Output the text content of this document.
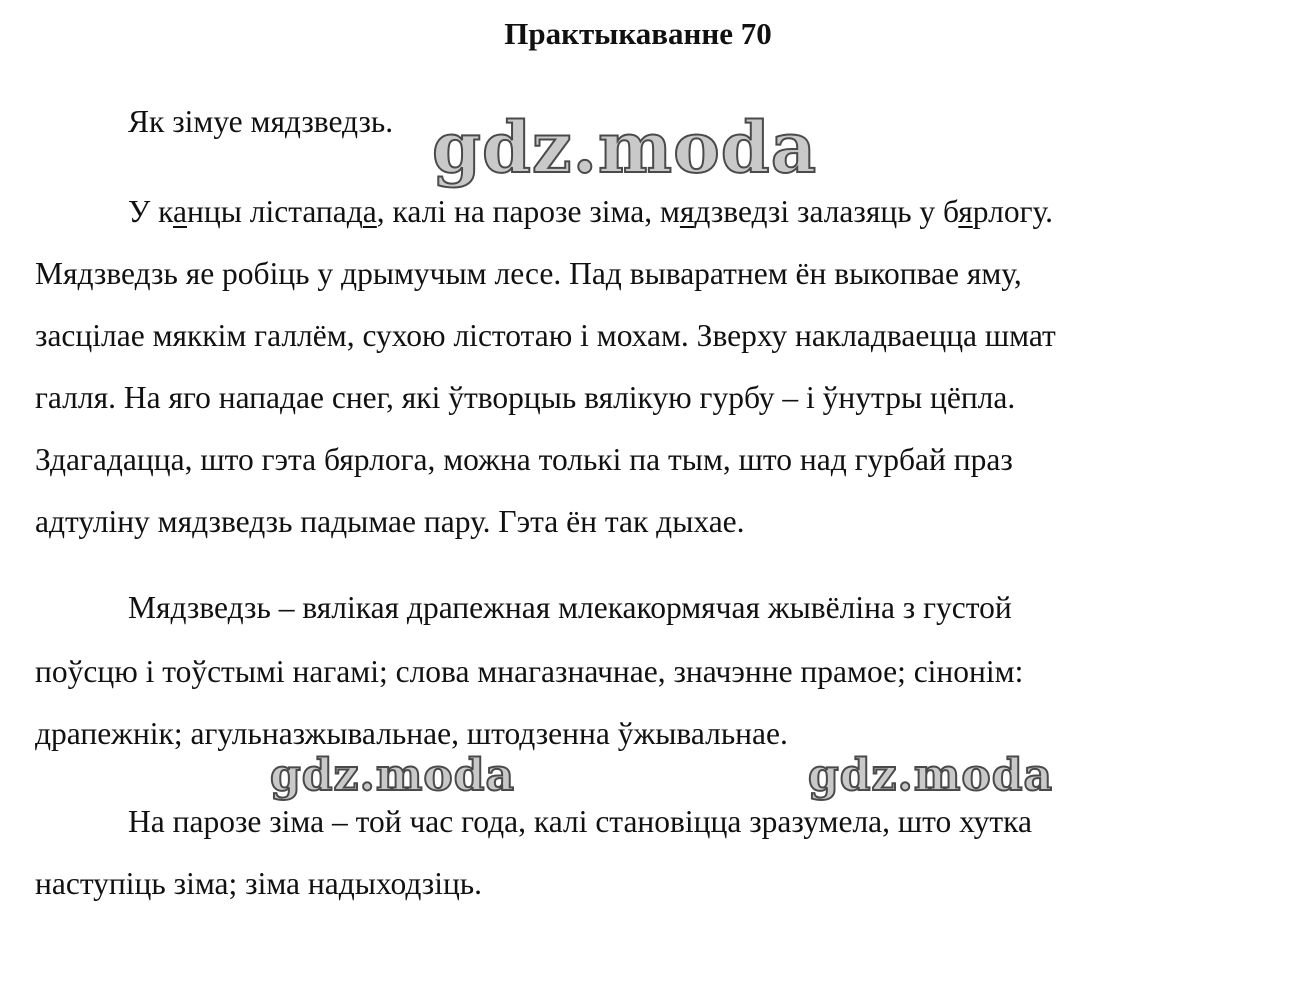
Практыкаванне 70
Як зімуе мядзведзь. gdz.moda
У канцы лістапада, калі на парозе зіма, мядзведзі залазяць у бярлогу.
Мядзведзь яе робіць у дрымучым лесе. Пад вываратнем ён выкопвае яму,
засцілае мяккім галлём, сухою лістотаю і мохам. Зверху накладваецца шмат
галля. На яго нападае снег, які ўтворцыь вялікую гурбу – і ўнутры цёпла.
Здагадацца, што гэта бярлога, можна толькі па тым, што над гурбай праз
адтуліну мядзведзь падымае пару. Гэта ён так дыхае.
Мядзведзь – вялікая драпежная млекакормячая жывёліна з густой
поўсцю і тоўстымі нагамі; слова мнагазначнае, значэнне прамое; сінонім:
драпежнік; агульназжывальнае, штодзенна ўжывальнае.
gdz.moda	gdz.moda
На парозе зіма – той час года, калі становіцца зразумела, што хутка
наступіць зіма; зіма надыходзіць.
